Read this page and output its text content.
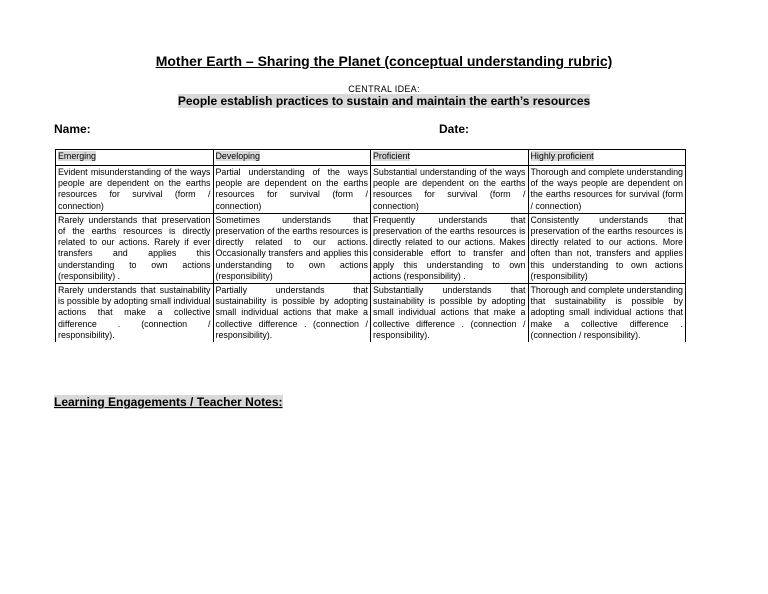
Mother Earth – Sharing the Planet (conceptual understanding rubric)
CENTRAL IDEA:
People establish practices to sustain and maintain the earth’s resources
Name:	Date:
Emerging	Developing	Proficient	Highly proficient
Evident misunderstanding of the ways people are dependent on the earths resources for survival (form / connection)	Partial understanding of the ways people are dependent on the earths resources for survival (form / connection)	Substantial understanding of the ways people are dependent on the earths resources for survival (form / connection)	Thorough and complete understanding of the ways people are dependent on the earths resources for survival (form / connection)
Rarely understands that preservation of the earths resources is directly related to our actions. Rarely if ever transfers and applies this understanding to own actions (responsibility) .	Sometimes understands that preservation of the earths resources is directly related to our actions. Occasionally transfers and applies this understanding to own actions (responsibility)	Frequently understands that preservation of the earths resources is directly related to our actions. Makes considerable effort to transfer and apply this understanding to own actions (responsibility) .	Consistently understands that preservation of the earths resources is directly related to our actions. More often than not, transfers and applies this understanding to own actions (responsibility)
Rarely understands that sustainability is possible by adopting small individual actions that make a collective difference . (connection / responsibility).	Partially understands that sustainability is possible by adopting small individual actions that make a collective difference . (connection / responsibility).	Substantially understands that sustainability is possible by adopting small individual actions that make a collective difference . (connection / responsibility).	Thorough and complete understanding that sustainability is possible by adopting small individual actions that make a collective difference . (connection / responsibility).
Learning Engagements / Teacher Notes:
